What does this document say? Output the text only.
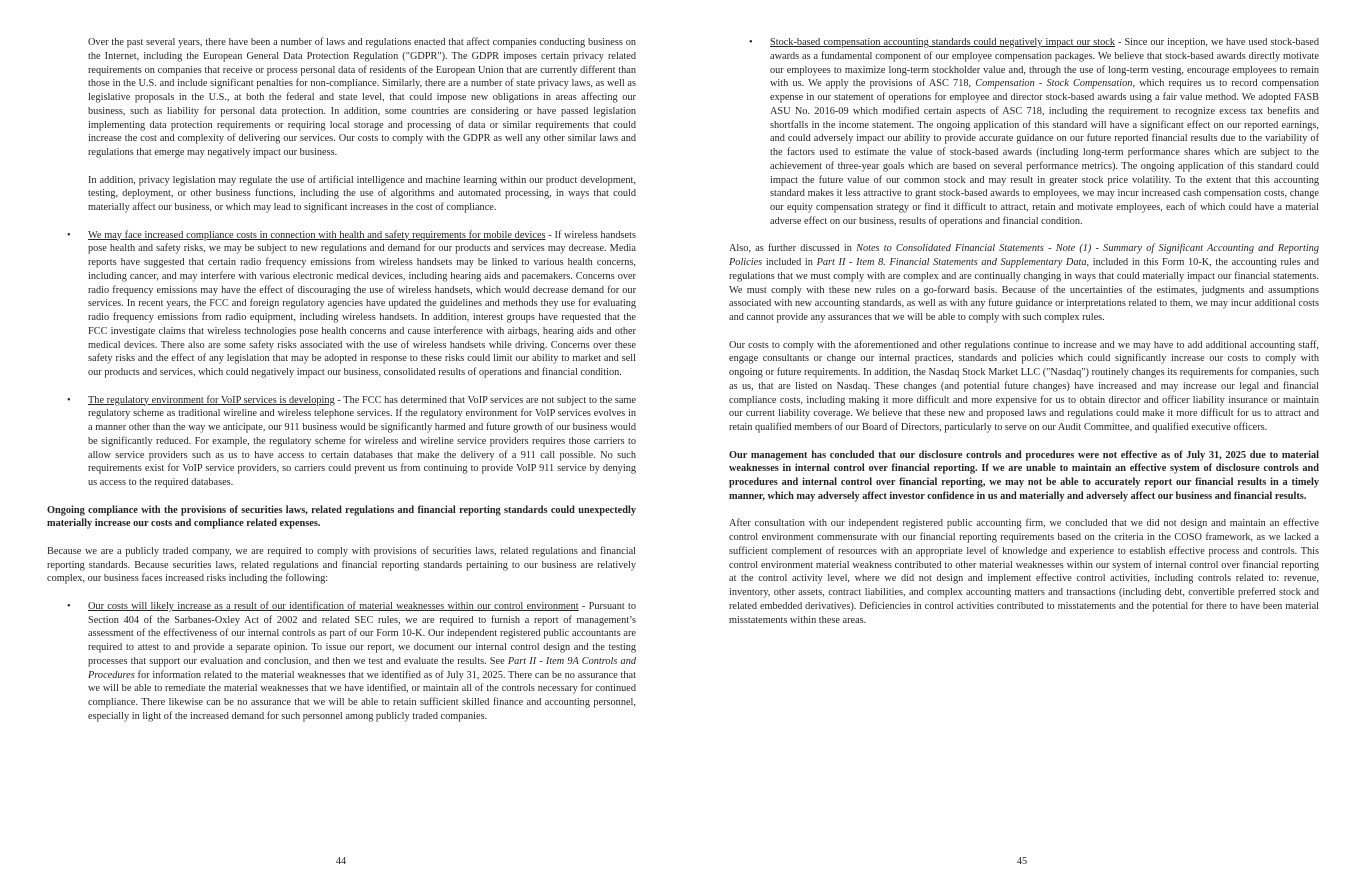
Over the past several years, there have been a number of laws and regulations enacted that affect companies conducting business on the Internet, including the European General Data Protection Regulation ("GDPR"). The GDPR imposes certain privacy related requirements on companies that receive or process personal data of residents of the European Union that are currently different than those in the U.S. and include significant penalties for non-compliance. Similarly, there are a number of state privacy laws, as well as legislative proposals in the U.S., at both the federal and state level, that could impose new obligations in areas affecting our business, such as liability for personal data protection. In addition, some countries are considering or have passed legislation implementing data protection requirements or requiring local storage and processing of data or similar requirements that could increase the cost and complexity of delivering our services. Our costs to comply with the GDPR as well any other similar laws and regulations that emerge may negatively impact our business.

In addition, privacy legislation may regulate the use of artificial intelligence and machine learning within our product development, testing, deployment, or other business functions, including the use of algorithms and automated processing, in ways that could materially affect our business, or which may lead to significant increases in the cost of compliance.

• We may face increased compliance costs in connection with health and safety requirements for mobile devices - If wireless handsets pose health and safety risks, we may be subject to new regulations and demand for our products and services may decrease. Media reports have suggested that certain radio frequency emissions from wireless handsets may be linked to various health concerns, including cancer, and may interfere with various electronic medical devices, including hearing aids and pacemakers. Concerns over radio frequency emissions may have the effect of discouraging the use of wireless handsets, which would decrease demand for our services. In recent years, the FCC and foreign regulatory agencies have updated the guidelines and methods they use for evaluating radio frequency emissions from radio equipment, including wireless handsets. In addition, interest groups have requested that the FCC investigate claims that wireless technologies pose health concerns and cause interference with airbags, hearing aids and other medical devices. There also are some safety risks associated with the use of wireless handsets while driving. Concerns over these safety risks and the effect of any legislation that may be adopted in response to these risks could limit our ability to market and sell our products and services, which could negatively impact our business, consolidated results of operations and financial condition.
• The regulatory environment for VoIP services is developing - The FCC has determined that VoIP services are not subject to the same regulatory scheme as traditional wireline and wireless telephone services. If the regulatory environment for VoIP services evolves in a manner other than the way we anticipate, our 911 business would be significantly harmed and future growth of our business would be significantly reduced. For example, the regulatory scheme for wireless and wireline service providers requires those carriers to allow service providers such as us to have access to certain databases that make the delivery of a 911 call possible. No such requirements exist for VoIP service providers, so carriers could prevent us from continuing to provide VoIP 911 service by denying us access to the required databases.

Ongoing compliance with the provisions of securities laws, related regulations and financial reporting standards could unexpectedly materially increase our costs and compliance related expenses.

Because we are a publicly traded company, we are required to comply with provisions of securities laws, related regulations and financial reporting standards. Because securities laws, related regulations and financial reporting standards pertaining to our business are relatively complex, our business faces increased risks including the following:

• Our costs will likely increase as a result of our identification of material weaknesses within our control environment - Pursuant to Section 404 of the Sarbanes-Oxley Act of 2002 and related SEC rules, we are required to furnish a report of management’s assessment of the effectiveness of our internal controls as part of our Form 10-K. Our independent registered public accountants are required to attest to and provide a separate opinion. To issue our report, we document our internal control design and the testing processes that support our evaluation and conclusion, and then we test and evaluate the results. See Part II - Item 9A Controls and Procedures for information related to the material weaknesses that we identified as of July 31, 2025. There can be no assurance that we will be able to remediate the material weaknesses that we have identified, or maintain all of the controls necessary for continued compliance. There likewise can be no assurance that we will be able to retain sufficient skilled finance and accounting personnel, especially in light of the increased demand for such personnel among publicly traded companies.
44
• Stock-based compensation accounting standards could negatively impact our stock - Since our inception, we have used stock-based awards as a fundamental component of our employee compensation packages. We believe that stock-based awards directly motivate our employees to maximize long-term stockholder value and, through the use of long-term vesting, encourage employees to remain with us. We apply the provisions of ASC 718, Compensation - Stock Compensation, which requires us to record compensation expense in our statement of operations for employee and director stock-based awards using a fair value method. We adopted FASB ASU No. 2016-09 which modified certain aspects of ASC 718, including the requirement to recognize excess tax benefits and shortfalls in the income statement. The ongoing application of this standard will have a significant effect on our reported earnings, and could adversely impact our ability to provide accurate guidance on our future reported financial results due to the variability of the factors used to estimate the value of stock-based awards (including long-term performance shares which are subject to the achievement of three-year goals which are based on several performance metrics). The ongoing application of this standard could impact the future value of our common stock and may result in greater stock price volatility. To the extent that this accounting standard makes it less attractive to grant stock-based awards to employees, we may incur increased cash compensation costs, change our equity compensation strategy or find it difficult to attract, retain and motivate employees, each of which could have a material adverse effect on our business, results of operations and financial condition.

Also, as further discussed in Notes to Consolidated Financial Statements - Note (1) - Summary of Significant Accounting and Reporting Policies included in Part II - Item 8. Financial Statements and Supplementary Data, included in this Form 10-K, the accounting rules and regulations that we must comply with are complex and are continually changing in ways that could materially impact our financial statements. We must comply with these new rules on a go-forward basis. Because of the uncertainties of the estimates, judgments and assumptions associated with new accounting standards, as well as with any future guidance or interpretations related to them, we may incur additional costs and cannot provide any assurances that we will be able to comply with such complex rules.

Our costs to comply with the aforementioned and other regulations continue to increase and we may have to add additional accounting staff, engage consultants or change our internal practices, standards and policies which could significantly increase our costs to comply with ongoing or future requirements. In addition, the Nasdaq Stock Market LLC ("Nasdaq") routinely changes its requirements for companies, such as us, that are listed on Nasdaq. These changes (and potential future changes) have increased and may increase our legal and financial compliance costs, including making it more difficult and more expensive for us to obtain director and officer liability insurance or maintain our current liability coverage. We believe that these new and proposed laws and regulations could make it more difficult for us to attract and retain qualified members of our Board of Directors, particularly to serve on our Audit Committee, and qualified executive officers.

Our management has concluded that our disclosure controls and procedures were not effective as of July 31, 2025 due to material weaknesses in internal control over financial reporting. If we are unable to maintain an effective system of disclosure controls and procedures and internal control over financial reporting, we may not be able to accurately report our financial results in a timely manner, which may adversely affect investor confidence in us and materially and adversely affect our business and financial results.

After consultation with our independent registered public accounting firm, we concluded that we did not design and maintain an effective control environment commensurate with our financial reporting requirements based on the criteria in the COSO framework, as we lacked a sufficient complement of resources with an appropriate level of knowledge and experience to establish effective process and controls. This control environment material weakness contributed to other material weaknesses within our system of internal control over financial reporting at the control activity level, where we did not design and implement effective control activities, including controls related to: revenue, inventory, other assets, contract liabilities, and complex accounting matters and transactions (including debt, convertible preferred stock and related embedded derivatives). Deficiencies in control activities contributed to misstatements and the potential for there to have been material misstatements within these areas.

45
